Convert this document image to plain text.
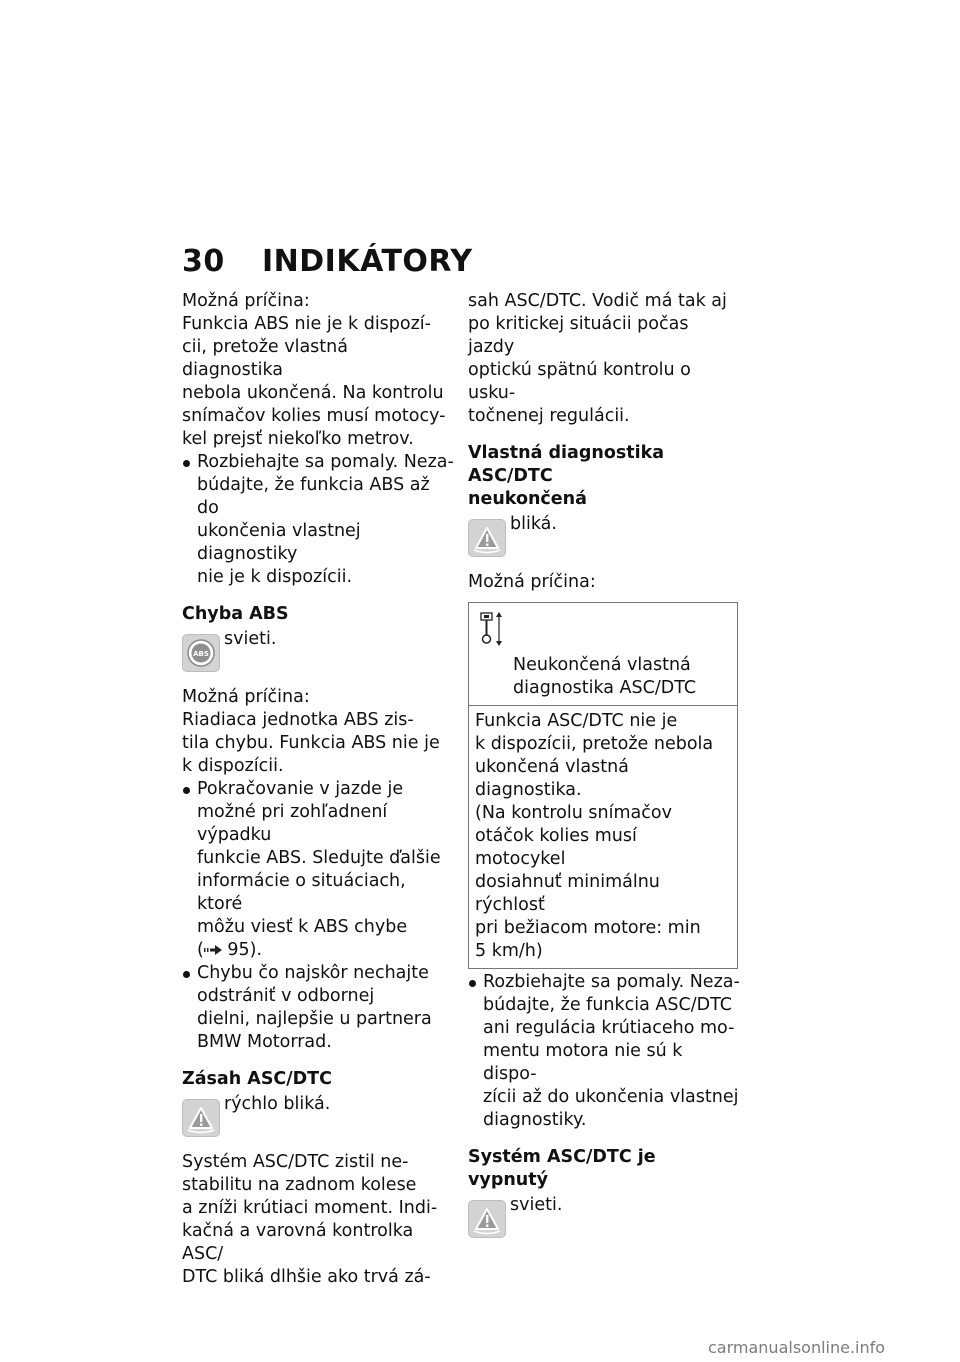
30 INDIKÁTORY

Možná príčina:

Funkcia ABS nie je k dispozí-
cii, pretože vlastná diagnostika
nebola ukončená. Na kontrolu
snímačov kolies musí motocy-
kel prejsť niekoľko metrov.

Rozbiehajte sa pomaly. Neza-
búdajte, že funkcia ABS až do
ukončenia vlastnej diagnostiky
nie je k dispozícii.

Chyba ABS

ABS
svieti.

Možná príčina:

Riadiaca jednotka ABS zis-
tila chybu. Funkcia ABS nie je
k dispozícii.

Pokračovanie v jazde je
možné pri zohľadnení výpadku
funkcie ABS. Sledujte ďalšie
informácie o situáciach, ktoré
môžu viesť k ABS chybe
( 95).

Chybu čo najskôr nechajte
odstrániť v odbornej
dielni, najlepšie u partnera
BMW Motorrad.

Zásah ASC/DTC

rýchlo bliká.

Systém ASC/DTC zistil ne-
stabilitu na zadnom kolese
a zníži krútiaci moment. Indi-
kačná a varovná kontrolka ASC/
DTC bliká dlhšie ako trvá zá-

sah ASC/DTC. Vodič má tak aj
po kritickej situácii počas jazdy
optickú spätnú kontrolu o usku-
točnenej regulácii.

Vlastná diagnostika ASC/DTC
neukončená

bliká.

Možná príčina:

Neukončená vlastná
diagnostika ASC/DTC

Funkcia ASC/DTC nie je
k dispozícii, pretože nebola
ukončená vlastná diagnostika.
(Na kontrolu snímačov
otáčok kolies musí motocykel
dosiahnuť minimálnu rýchlosť
pri bežiacom motore: min
5 km/h)

Rozbiehajte sa pomaly. Neza-
búdajte, že funkcia ASC/DTC
ani regulácia krútiaceho mo-
mentu motora nie sú k dispo-
zícii až do ukončenia vlastnej
diagnostiky.

Systém ASC/DTC je vypnutý

svieti.
carmanualsonline.info
